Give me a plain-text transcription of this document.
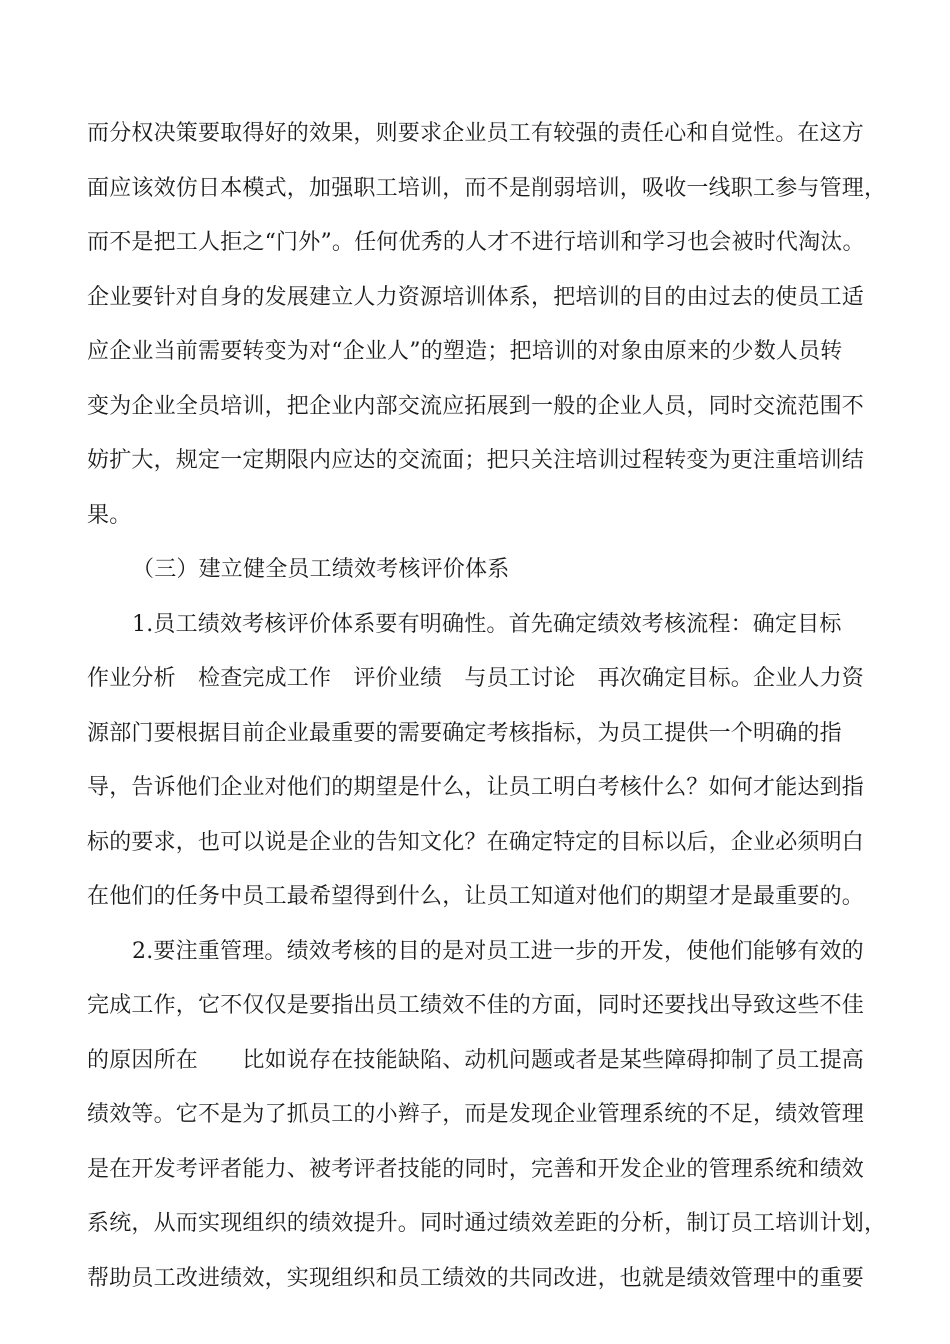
而分权决策要取得好的效果，则要求企业员工有较强的责任心和自觉性。在这方
面应该效仿日本模式，加强职工培训，而不是削弱培训，吸收一线职工参与管理，
而不是把工人拒之“门外”。任何优秀的人才不进行培训和学习也会被时代淘汰。
企业要针对自身的发展建立人力资源培训体系，把培训的目的由过去的使员工适
应企业当前需要转变为对“企业人”的塑造；把培训的对象由原来的少数人员转
变为企业全员培训，把企业内部交流应拓展到一般的企业人员，同时交流范围不
妨扩大，规定一定期限内应达的交流面；把只关注培训过程转变为更注重培训结
果。
（三）建立健全员工绩效考核评价体系
1.员工绩效考核评价体系要有明确性。首先确定绩效考核流程：确定目标
作业分析　检查完成工作　评价业绩　与员工讨论　再次确定目标。企业人力资
源部门要根据目前企业最重要的需要确定考核指标，为员工提供一个明确的指
导，告诉他们企业对他们的期望是什么，让员工明白考核什么？如何才能达到指
标的要求，也可以说是企业的告知文化？在确定特定的目标以后，企业必须明白
在他们的任务中员工最希望得到什么，让员工知道对他们的期望才是最重要的。
2.要注重管理。绩效考核的目的是对员工进一步的开发，使他们能够有效的
完成工作，它不仅仅是要指出员工绩效不佳的方面，同时还要找出导致这些不佳
的原因所在　　比如说存在技能缺陷、动机问题或者是某些障碍抑制了员工提高
绩效等。它不是为了抓员工的小辫子，而是发现企业管理系统的不足，绩效管理
是在开发考评者能力、被考评者技能的同时，完善和开发企业的管理系统和绩效
系统，从而实现组织的绩效提升。同时通过绩效差距的分析，制订员工培训计划，
帮助员工改进绩效，实现组织和员工绩效的共同改进，也就是绩效管理中的重要
